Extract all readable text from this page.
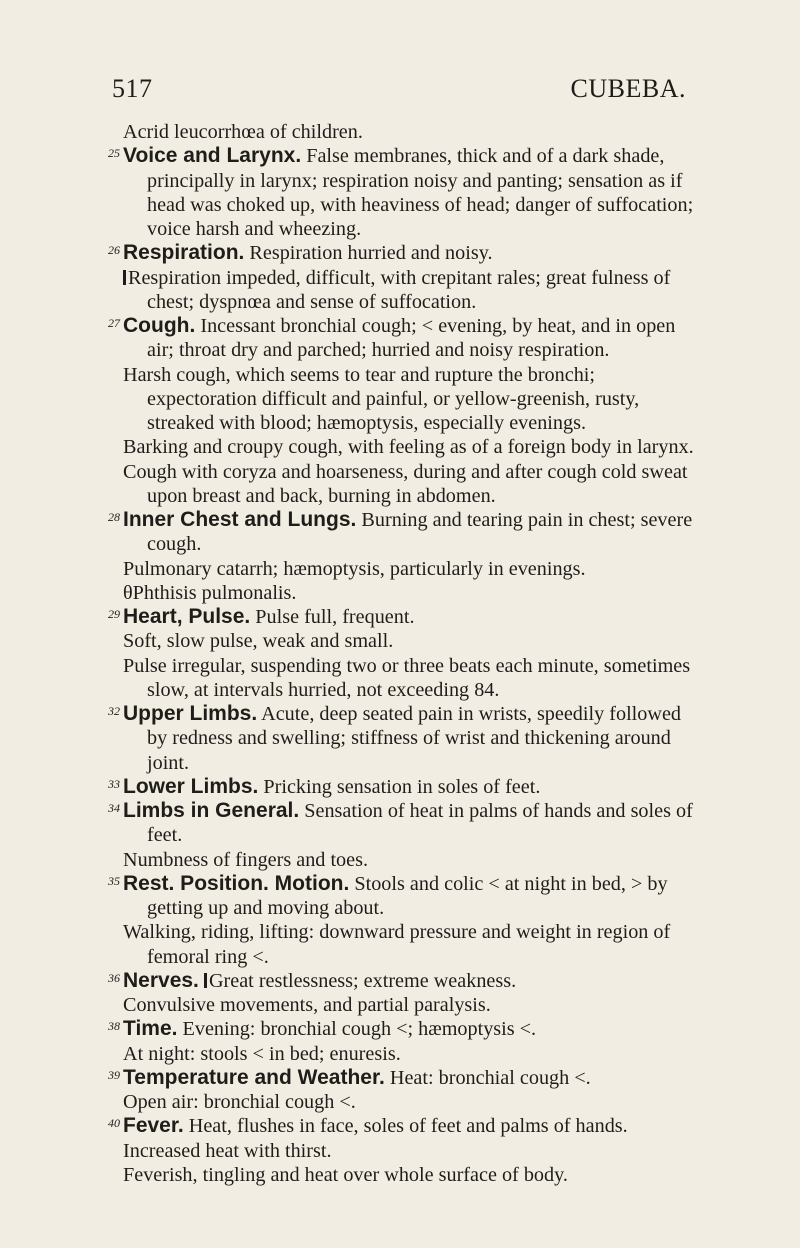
517	CUBEBA.

Acrid leucorrhœa of children.

25 Voice and Larynx. False membranes, thick and of a dark shade, principally in larynx; respiration noisy and panting; sensation as if head was choked up, with heaviness of head; danger of suffocation; voice harsh and wheezing.

26 Respiration. Respiration hurried and noisy.

Respiration impeded, difficult, with crepitant rales; great fulness of chest; dyspnœa and sense of suffocation.

27 Cough. Incessant bronchial cough; < evening, by heat, and in open air; throat dry and parched; hurried and noisy respiration.

Harsh cough, which seems to tear and rupture the bronchi; expectoration difficult and painful, or yellow-greenish, rusty, streaked with blood; hæmoptysis, especially evenings.

Barking and croupy cough, with feeling as of a foreign body in larynx.

Cough with coryza and hoarseness, during and after cough cold sweat upon breast and back, burning in abdomen.

28 Inner Chest and Lungs. Burning and tearing pain in chest; severe cough.

Pulmonary catarrh; hæmoptysis, particularly in evenings.

θPhthisis pulmonalis.

29 Heart, Pulse. Pulse full, frequent.

Soft, slow pulse, weak and small.

Pulse irregular, suspending two or three beats each minute, sometimes slow, at intervals hurried, not exceeding 84.

32 Upper Limbs. Acute, deep seated pain in wrists, speedily followed by redness and swelling; stiffness of wrist and thickening around joint.

33 Lower Limbs. Pricking sensation in soles of feet.

34 Limbs in General. Sensation of heat in palms of hands and soles of feet.

Numbness of fingers and toes.

35 Rest. Position. Motion. Stools and colic < at night in bed, > by getting up and moving about.

Walking, riding, lifting: downward pressure and weight in region of femoral ring <.

36 Nerves. Great restlessness; extreme weakness.

Convulsive movements, and partial paralysis.

38 Time. Evening: bronchial cough <; hæmoptysis <.

At night: stools < in bed; enuresis.

39 Temperature and Weather. Heat: bronchial cough <.

Open air: bronchial cough <.

40 Fever. Heat, flushes in face, soles of feet and palms of hands.

Increased heat with thirst.

Feverish, tingling and heat over whole surface of body.
